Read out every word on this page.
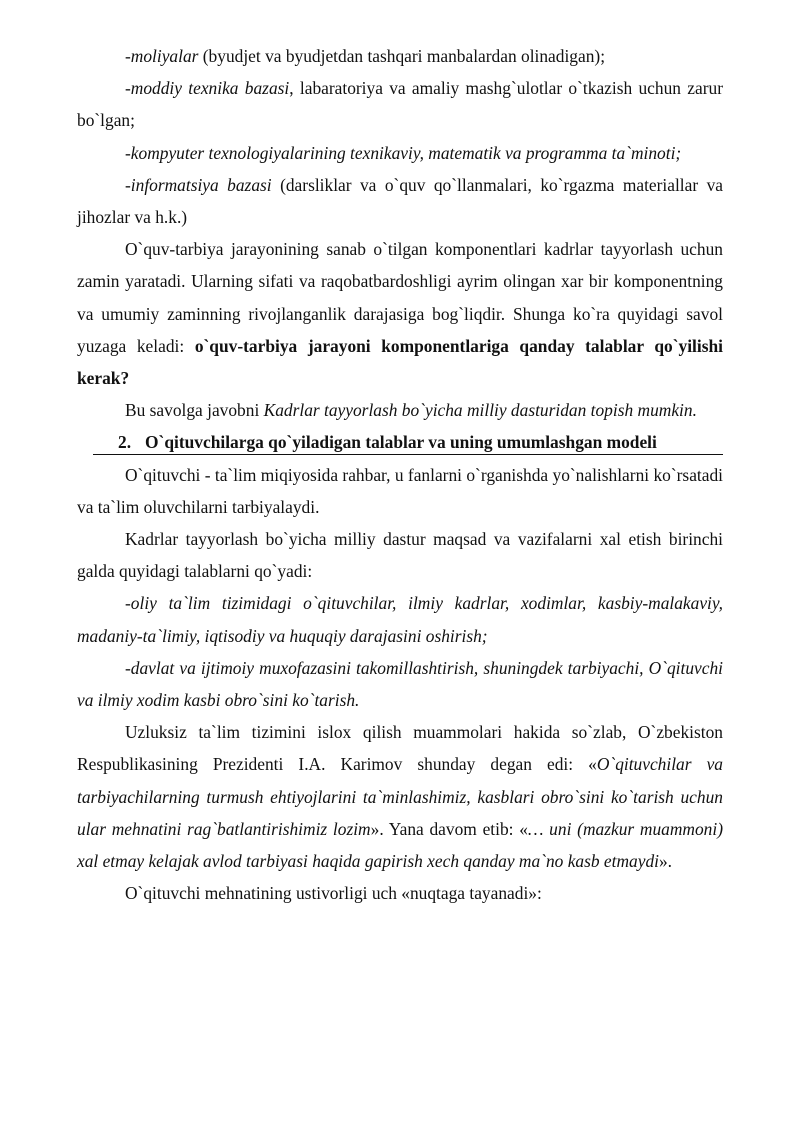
-moliyalar (byudjet va byudjetdan tashqari manbalardan olinadigan);

-moddiy texnika bazasi, labaratoriya va amaliy mashg`ulotlar o`tkazish uchun zarur bo`lgan;

-kompyuter texnologiyalarining texnikaviy, matematik va programma ta`minoti;

-informatsiya bazasi (darsliklar va o`quv qo`llanmalari, ko`rgazma materiallar va jihozlar va h.k.)

O`quv-tarbiya jarayonining sanab o`tilgan komponentlari kadrlar tayyorlash uchun zamin yaratadi. Ularning sifati va raqobatbardoshligi ayrim olingan xar bir komponentning va umumiy zaminning rivojlanganlik darajasiga bog`liqdir. Shunga ko`ra quyidagi savol yuzaga keladi: o`quv-tarbiya jarayoni komponentlariga qanday talablar qo`yilishi kerak?

Bu savolga javobni Kadrlar tayyorlash bo`yicha milliy dasturidan topish mumkin.

2. O`qituvchilarga qo`yiladigan talablar va uning umumlashgan modeli

O`qituvchi - ta`lim miqiyosida rahbar, u fanlarni o`rganishda yo`nalishlarni ko`rsatadi va ta`lim oluvchilarni tarbiyalaydi.

Kadrlar tayyorlash bo`yicha milliy dastur maqsad va vazifalarni xal etish birinchi galda quyidagi talablarni qo`yadi:

-oliy ta`lim tizimidagi o`qituvchilar, ilmiy kadrlar, xodimlar, kasbiy-malakaviy, madaniy-ta`limiy, iqtisodiy va huquqiy darajasini oshirish;

-davlat va ijtimoiy muxofazasini takomillashtirish, shuningdek tarbiyachi, O`qituvchi va ilmiy xodim kasbi obro`sini ko`tarish.

Uzluksiz ta`lim tizimini islox qilish muammolari hakida so`zlab, O`zbekiston Respublikasining Prezidenti I.A. Karimov shunday degan edi: «O`qituvchilar va tarbiyachilarning turmush ehtiyojlarini ta`minlashimiz, kasblari obro`sini ko`tarish uchun ular mehnatini rag`batlantirishimiz lozim». Yana davom etib: «… uni (mazkur muammoni) xal etmay kelajak avlod tarbiyasi haqida gapirish xech qanday ma`no kasb etmaydi».

O`qituvchi mehnatining ustivorligi uch «nuqtaga tayanadi»:
